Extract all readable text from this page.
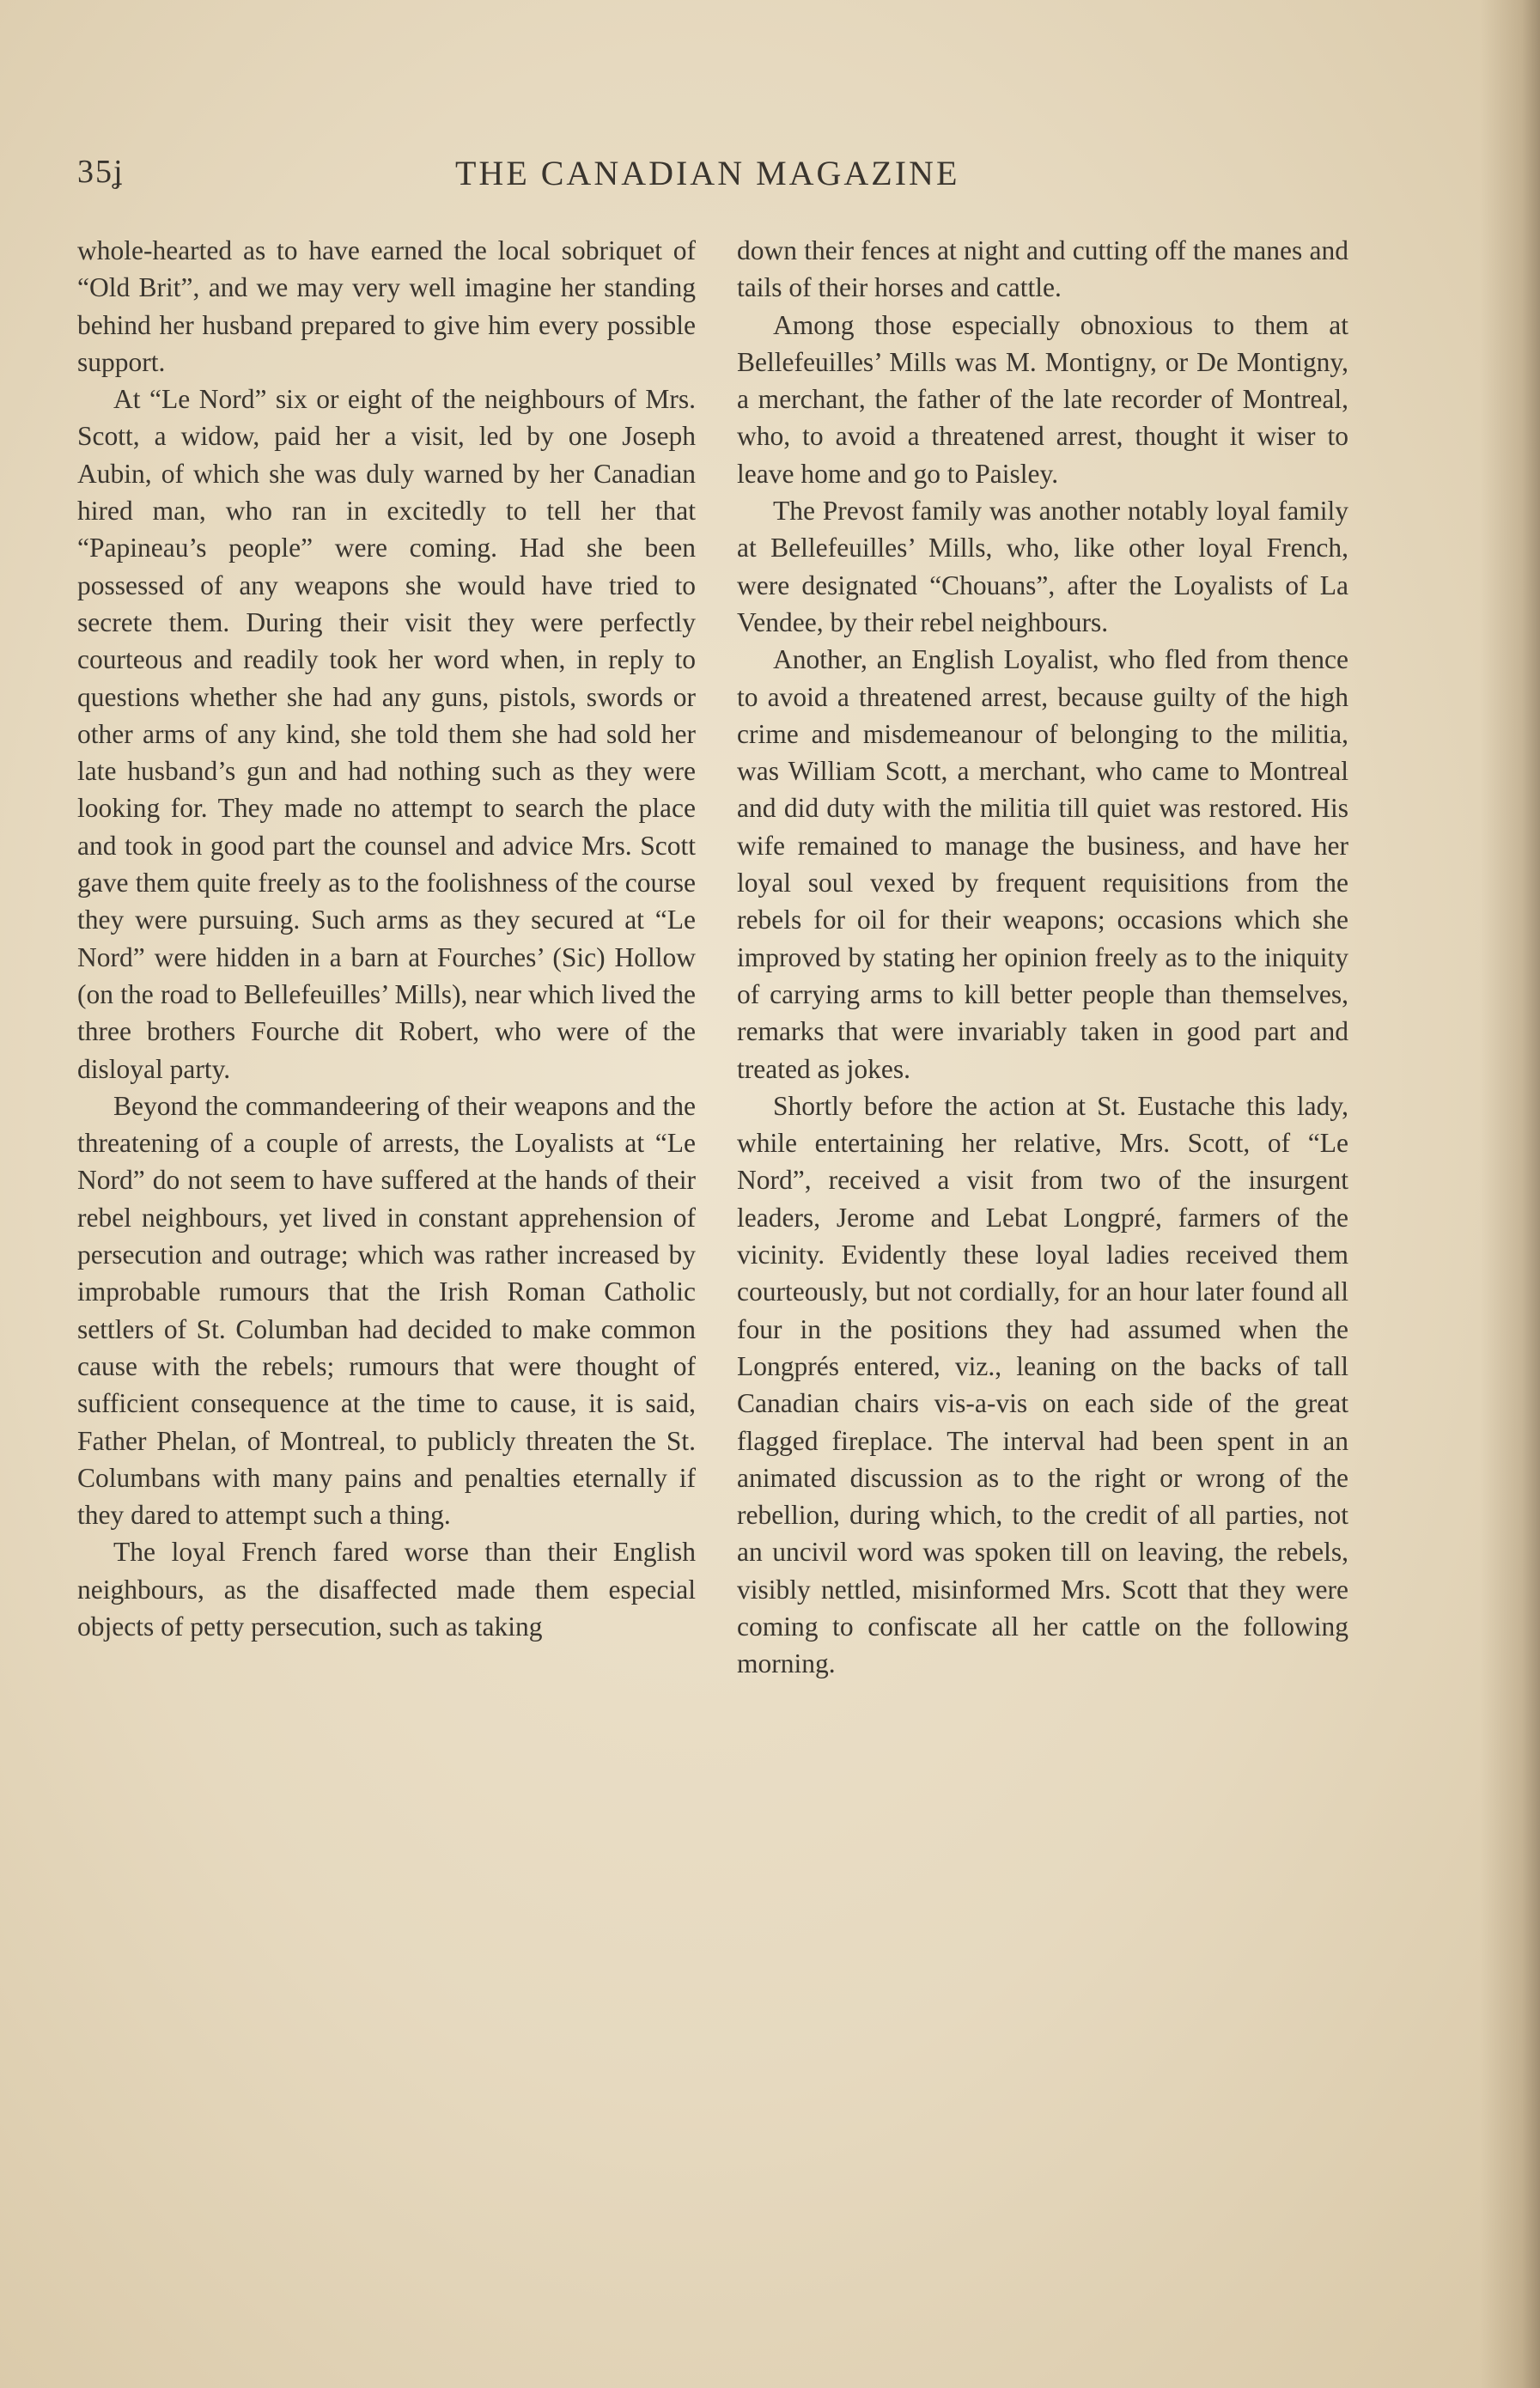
35ʝ	THE CANADIAN MAGAZINE

whole-hearted as to have earned the local sobriquet of “Old Brit”, and we may very well imagine her standing behind her husband prepared to give him every possible support.

At “Le Nord” six or eight of the neighbours of Mrs. Scott, a widow, paid her a visit, led by one Joseph Aubin, of which she was duly warned by her Canadian hired man, who ran in excitedly to tell her that “Papineau’s people” were coming. Had she been possessed of any weapons she would have tried to secrete them. During their visit they were perfectly courteous and readily took her word when, in reply to questions whether she had any guns, pistols, swords or other arms of any kind, she told them she had sold her late husband’s gun and had nothing such as they were looking for. They made no attempt to search the place and took in good part the counsel and advice Mrs. Scott gave them quite freely as to the foolishness of the course they were pursuing. Such arms as they secured at “Le Nord” were hidden in a barn at Fourches’ (Sic) Hollow (on the road to Bellefeuilles’ Mills), near which lived the three brothers Fourche dit Robert, who were of the disloyal party.

Beyond the commandeering of their weapons and the threatening of a couple of arrests, the Loyalists at “Le Nord” do not seem to have suffered at the hands of their rebel neighbours, yet lived in constant apprehension of persecution and outrage; which was rather increased by improbable rumours that the Irish Roman Catholic settlers of St. Columban had decided to make common cause with the rebels; rumours that were thought of sufficient consequence at the time to cause, it is said, Father Phelan, of Montreal, to publicly threaten the St. Columbans with many pains and penalties eternally if they dared to attempt such a thing.

The loyal French fared worse than their English neighbours, as the disaffected made them especial objects of petty persecution, such as taking

down their fences at night and cutting off the manes and tails of their horses and cattle.

Among those especially obnoxious to them at Bellefeuilles’ Mills was M. Montigny, or De Montigny, a merchant, the father of the late recorder of Montreal, who, to avoid a threatened arrest, thought it wiser to leave home and go to Paisley.

The Prevost family was another notably loyal family at Bellefeuilles’ Mills, who, like other loyal French, were designated “Chouans”, after the Loyalists of La Vendee, by their rebel neighbours.

Another, an English Loyalist, who fled from thence to avoid a threatened arrest, because guilty of the high crime and misdemeanour of belonging to the militia, was William Scott, a merchant, who came to Montreal and did duty with the militia till quiet was restored. His wife remained to manage the business, and have her loyal soul vexed by frequent requisitions from the rebels for oil for their weapons; occasions which she improved by stating her opinion freely as to the iniquity of carrying arms to kill better people than themselves, remarks that were invariably taken in good part and treated as jokes.

Shortly before the action at St. Eustache this lady, while entertaining her relative, Mrs. Scott, of “Le Nord”, received a visit from two of the insurgent leaders, Jerome and Lebat Longpré, farmers of the vicinity. Evidently these loyal ladies received them courteously, but not cordially, for an hour later found all four in the positions they had assumed when the Longprés entered, viz., leaning on the backs of tall Canadian chairs vis-a-vis on each side of the great flagged fireplace. The interval had been spent in an animated discussion as to the right or wrong of the rebellion, during which, to the credit of all parties, not an uncivil word was spoken till on leaving, the rebels, visibly nettled, misinformed Mrs. Scott that they were coming to confiscate all her cattle on the following morning.
